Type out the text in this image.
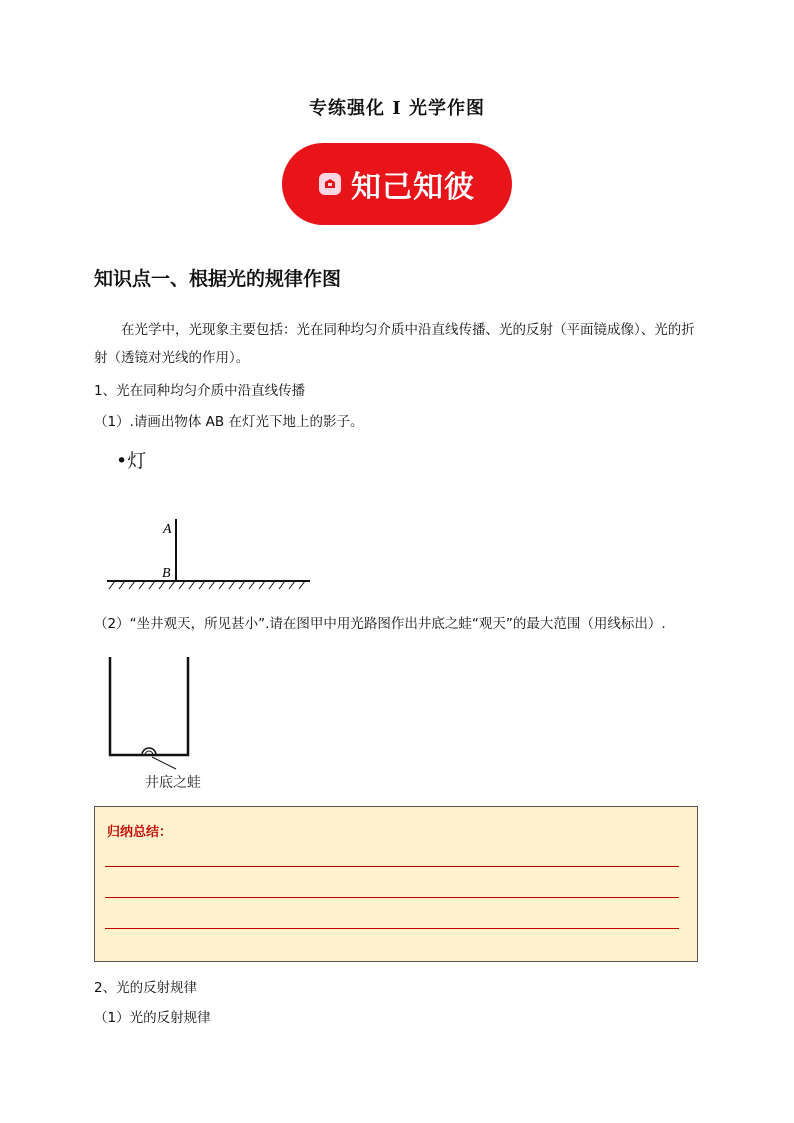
专练强化 I 光学作图
知己知彼
知识点一、根据光的规律作图
在光学中，光现象主要包括：光在同种均匀介质中沿直线传播、光的反射（平面镜成像）、光的折射（透镜对光线的作用）。
1、光在同种均匀介质中沿直线传播
（1）.请画出物体 AB 在灯光下地上的影子。
•灯
A
B
（2）“坐井观天，所见甚小”.请在图甲中用光路图作出井底之蛙“观天”的最大范围（用线标出）.
井底之蛙
归纳总结：
2、光的反射规律
（1）光的反射规律
